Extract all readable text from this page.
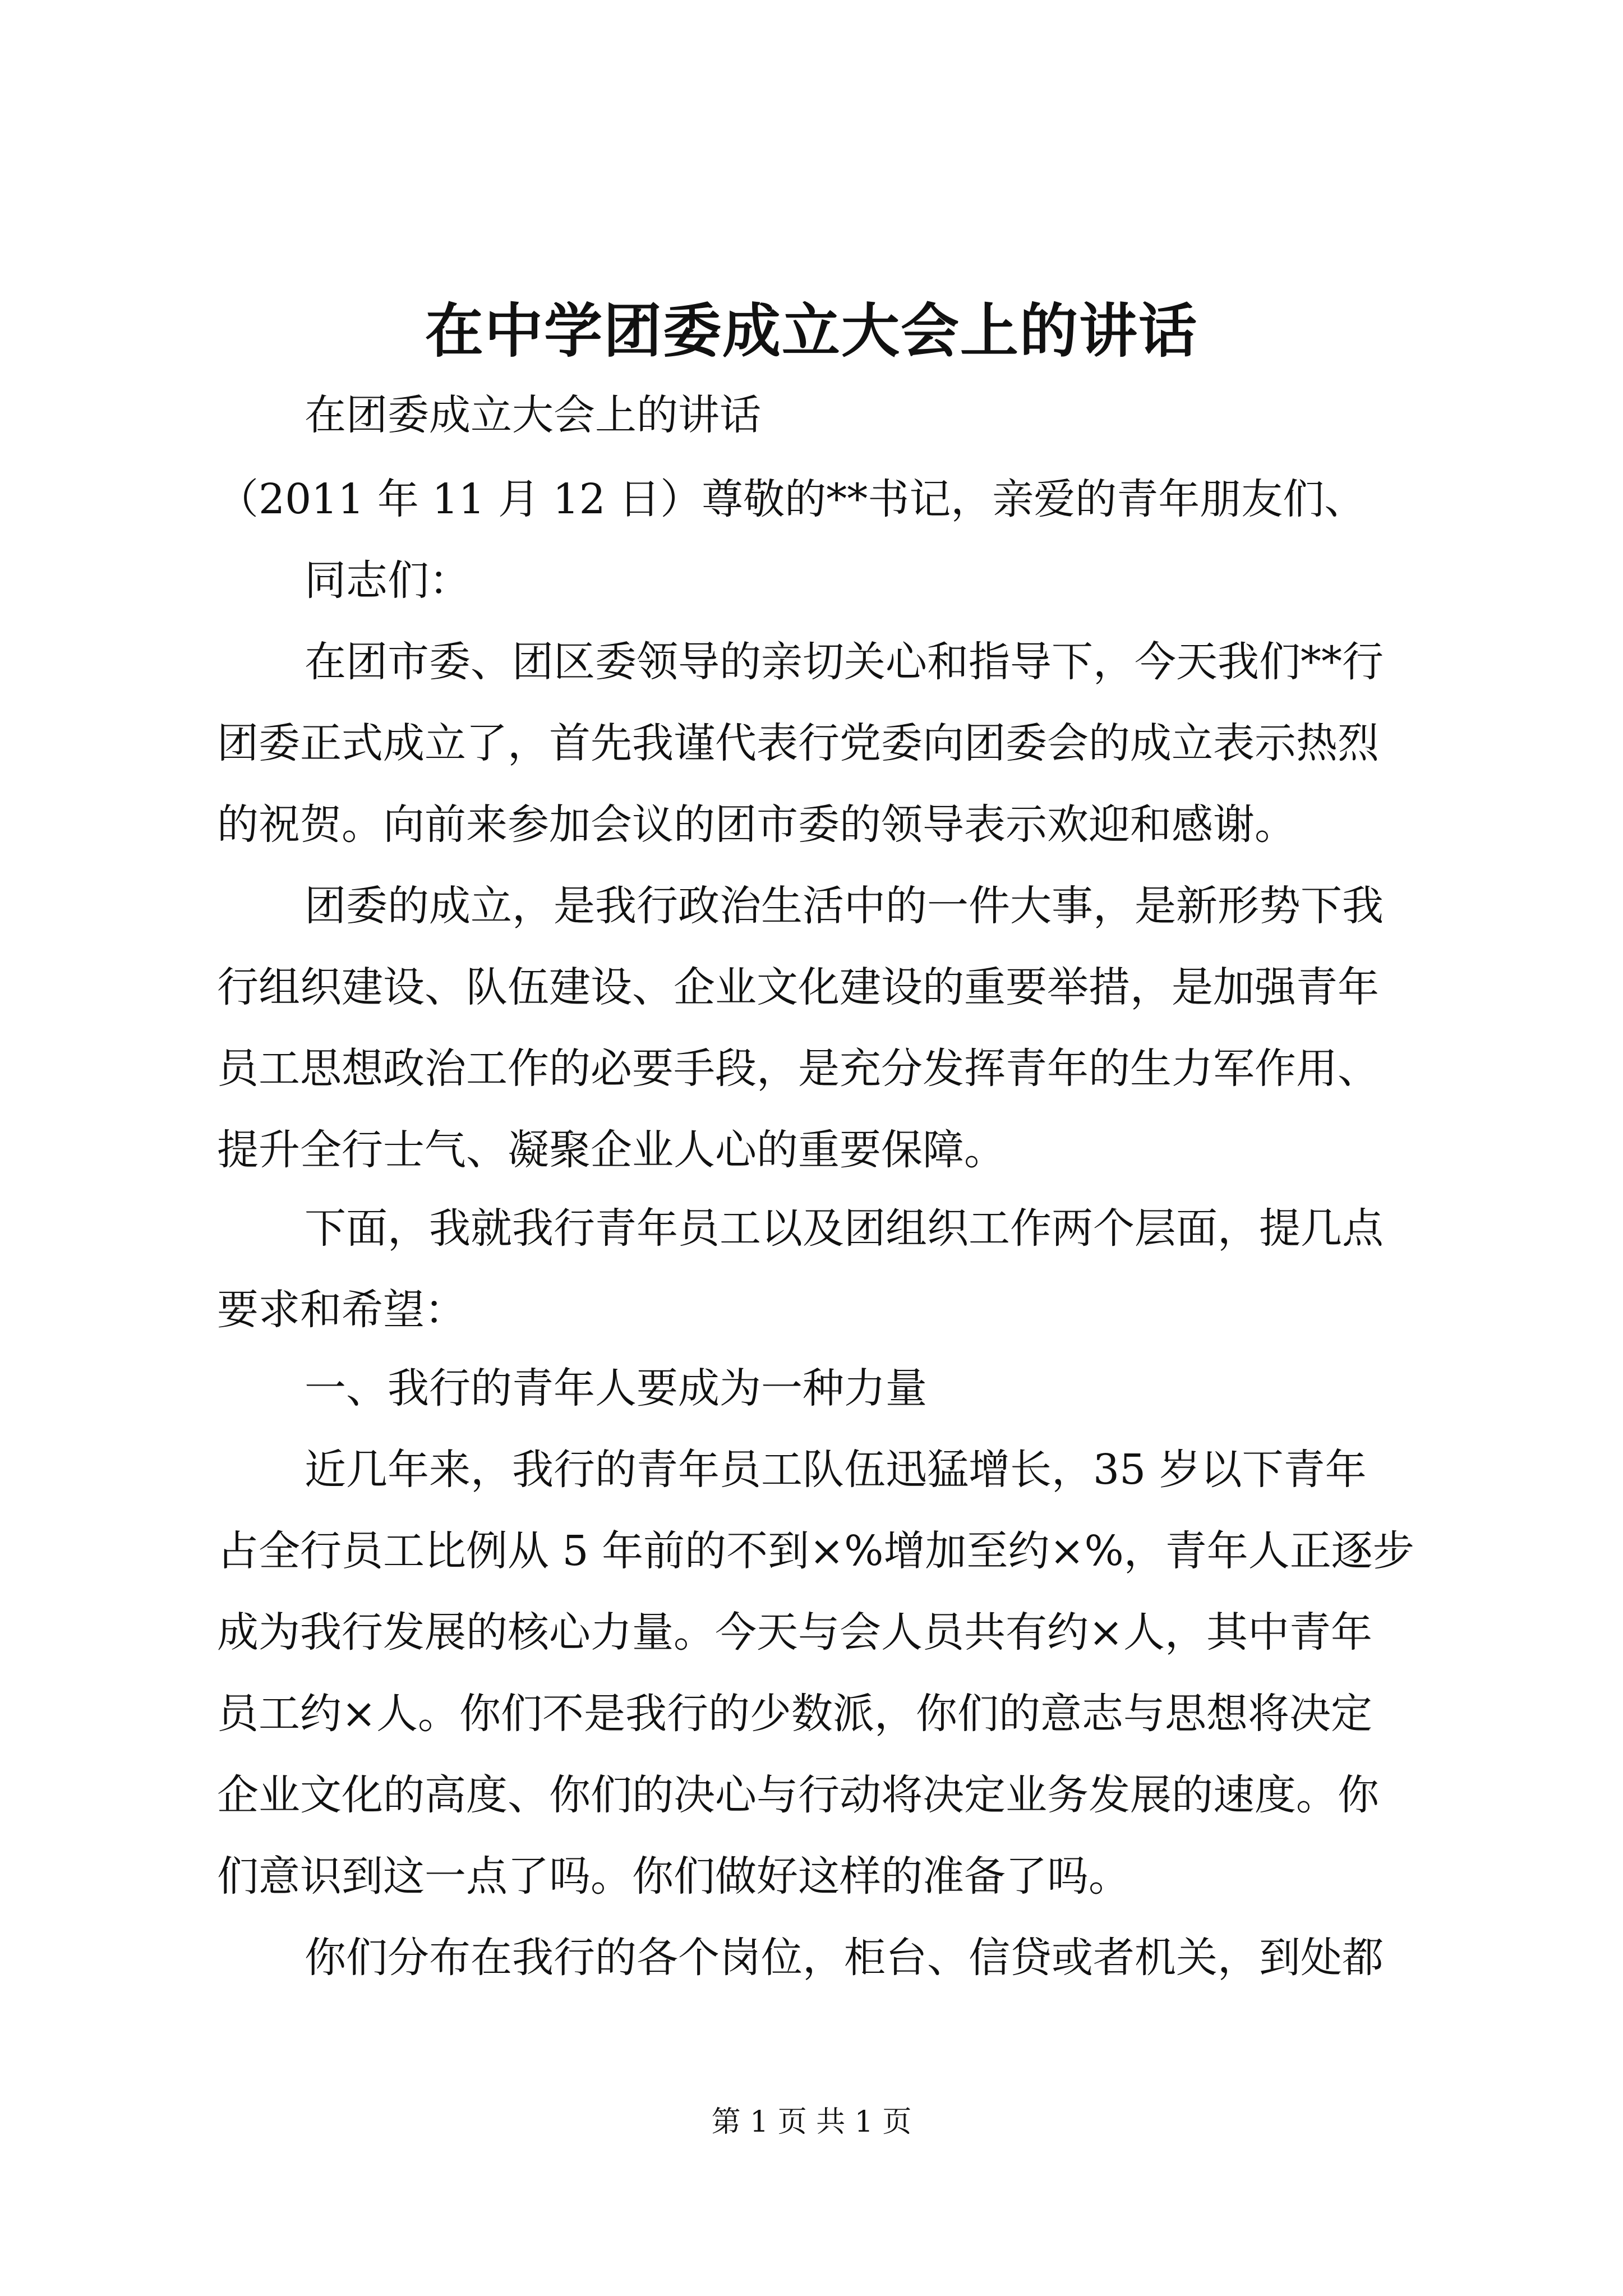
在中学团委成立大会上的讲话
在团委成立大会上的讲话
（2011 年 11 月 12 日）尊敬的**书记，亲爱的青年朋友们、
同志们：
在团市委、团区委领导的亲切关心和指导下，今天我们**行
团委正式成立了，首先我谨代表行党委向团委会的成立表示热烈
的祝贺。向前来参加会议的团市委的领导表示欢迎和感谢。
团委的成立，是我行政治生活中的一件大事，是新形势下我
行组织建设、队伍建设、企业文化建设的重要举措，是加强青年
员工思想政治工作的必要手段，是充分发挥青年的生力军作用、
提升全行士气、凝聚企业人心的重要保障。
下面，我就我行青年员工以及团组织工作两个层面，提几点
要求和希望：
一、我行的青年人要成为一种力量
近几年来，我行的青年员工队伍迅猛增长，35 岁以下青年
占全行员工比例从 5 年前的不到×%增加至约×%，青年人正逐步
成为我行发展的核心力量。今天与会人员共有约×人，其中青年
员工约×人。你们不是我行的少数派，你们的意志与思想将决定
企业文化的高度、你们的决心与行动将决定业务发展的速度。你
们意识到这一点了吗。你们做好这样的准备了吗。
你们分布在我行的各个岗位，柜台、信贷或者机关，到处都
第 1 页 共 1 页
